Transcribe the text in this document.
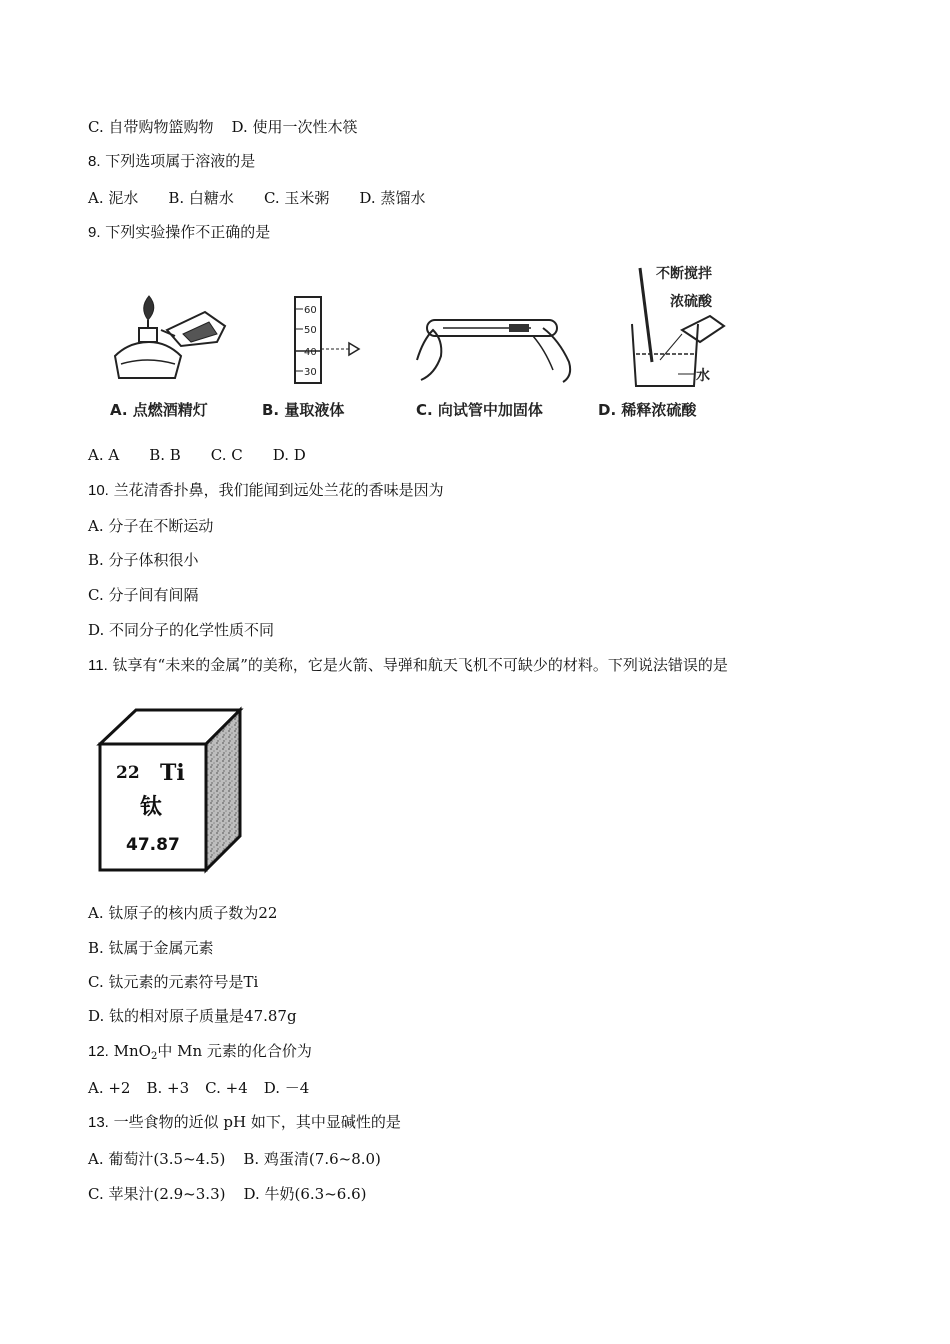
C. 自带购物篮购物 D. 使用一次性木筷
8. 下列选项属于溶液的是
A. 泥水 B. 白糖水 C. 玉米粥 D. 蒸馏水
9. 下列实验操作不正确的是
A. 点燃酒精灯
60
50
40
30
B. 量取液体	C. 向试管中加固体
不断搅拌
浓硫酸
水
D. 稀释浓硫酸
A. A B. B C. C D. D
10. 兰花清香扑鼻，我们能闻到远处兰花的香味是因为
A. 分子在不断运动
B. 分子体积很小
C. 分子间有间隔
D. 不同分子的化学性质不同
11. 钛享有“未来的金属”的美称，它是火箭、导弹和航天飞机不可缺少的材料。下列说法错误的是
22 Ti
钛
47.87
A. 钛原子的核内质子数为22
B. 钛属于金属元素
C. 钛元素的元素符号是Ti
D. 钛的相对原子质量是47.87g
12. MnO$_2$中 Mn 元素的化合价为
A. +2 B. +3 C. +4 D. －4
13. 一些食物的近似 pH 如下，其中显碱性的是
A. 葡萄汁(3.5~4.5) B. 鸡蛋清(7.6~8.0)
C. 苹果汁(2.9~3.3) D. 牛奶(6.3~6.6)
